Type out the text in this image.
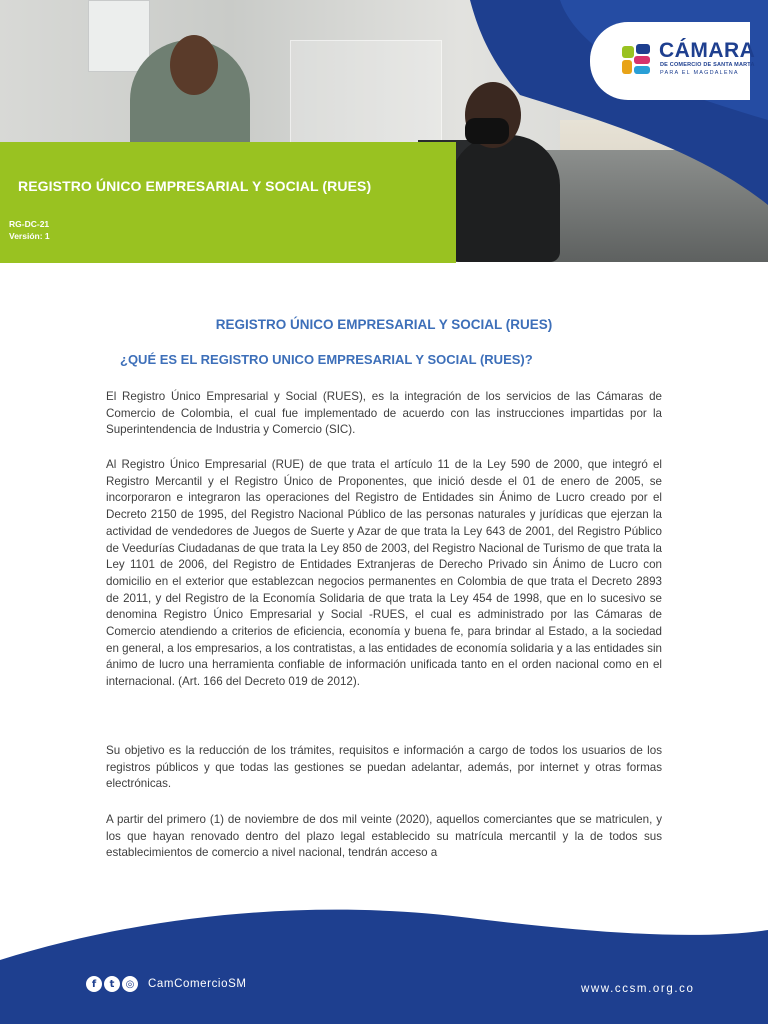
REGISTRO ÚNICO EMPRESARIAL Y SOCIAL (RUES)
RG-DC-21
Versión: 1
CÁMARA
DE COMERCIO DE SANTA MARTA
PARA EL MAGDALENA
REGISTRO ÚNICO EMPRESARIAL Y SOCIAL (RUES)
¿QUÉ ES EL REGISTRO UNICO EMPRESARIAL Y SOCIAL (RUES)?

El Registro Único Empresarial y Social (RUES), es la integración de los servicios de las Cámaras de Comercio de Colombia, el cual fue implementado de acuerdo con las instrucciones impartidas por la Superintendencia de Industria y Comercio (SIC).

Al Registro Único Empresarial (RUE) de que trata el artículo 11 de la Ley 590 de 2000, que integró el Registro Mercantil y el Registro Único de Proponentes, que inició desde el 01 de enero de 2005, se incorporaron e integraron las operaciones del Registro de Entidades sin Ánimo de Lucro creado por el Decreto 2150 de 1995, del Registro Nacional Público de las personas naturales y jurídicas que ejerzan la actividad de vendedores de Juegos de Suerte y Azar de que trata la Ley 643 de 2001, del Registro Público de Veedurías Ciudadanas de que trata la Ley 850 de 2003, del Registro Nacional de Turismo de que trata la Ley 1101 de 2006, del Registro de Entidades Extranjeras de Derecho Privado sin Ánimo de Lucro con domicilio en el exterior que establezcan negocios permanentes en Colombia de que trata el Decreto 2893 de 2011, y del Registro de la Economía Solidaria de que trata la Ley 454 de 1998, que en lo sucesivo se denomina Registro Único Empresarial y Social -RUES, el cual es administrado por las Cámaras de Comercio atendiendo a criterios de eficiencia, economía y buena fe, para brindar al Estado, a la sociedad en general, a los empresarios, a los contratistas, a las entidades de economía solidaria y a las entidades sin ánimo de lucro una herramienta confiable de información unificada tanto en el orden nacional como en el internacional. (Art. 166 del Decreto 019 de 2012).

Su objetivo es la reducción de los trámites, requisitos e información a cargo de todos los usuarios de los registros públicos y que todas las gestiones se puedan adelantar, además, por internet y otras formas electrónicas.

A partir del primero (1) de noviembre de dos mil veinte (2020), aquellos comerciantes que se matriculen, y los que hayan renovado dentro del plazo legal establecido su matrícula mercantil y la de todos sus establecimientos de comercio a nivel nacional, tendrán acceso a

f	t	◎	CamComercioSM	www.ccsm.org.co
